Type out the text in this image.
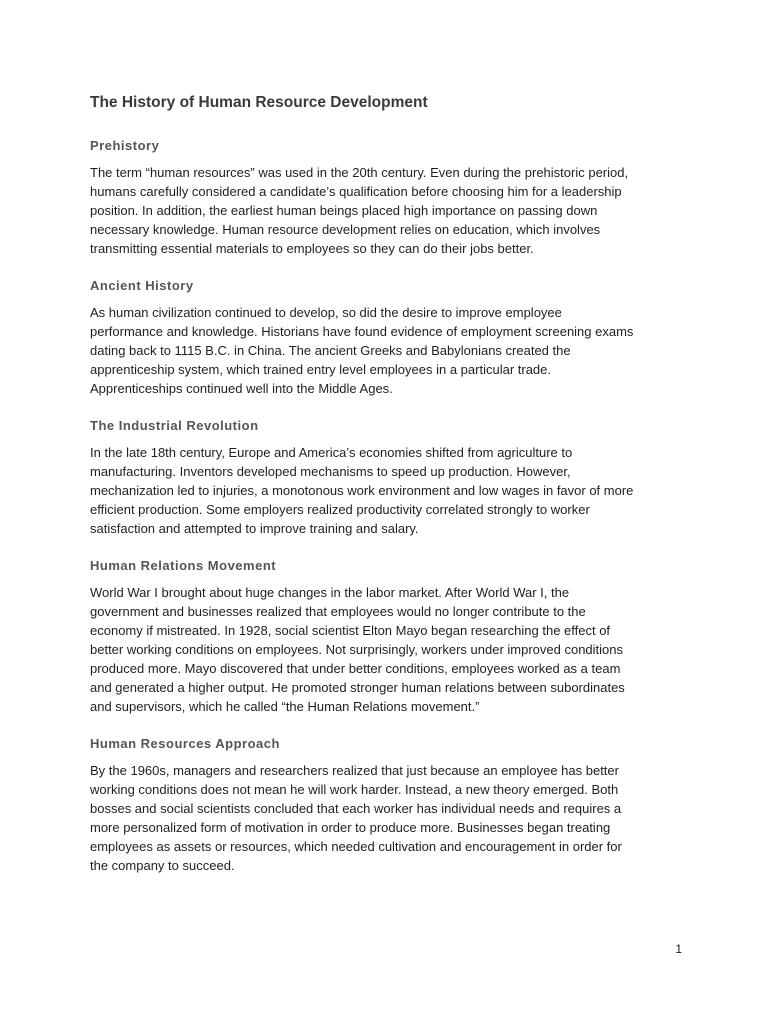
The History of Human Resource Development
Prehistory

The term “human resources” was used in the 20th century. Even during the prehistoric period,
humans carefully considered a candidate’s qualification before choosing him for a leadership
position. In addition, the earliest human beings placed high importance on passing down
necessary knowledge. Human resource development relies on education, which involves
transmitting essential materials to employees so they can do their jobs better.

Ancient History

As human civilization continued to develop, so did the desire to improve employee
performance and knowledge. Historians have found evidence of employment screening exams
dating back to 1115 B.C. in China. The ancient Greeks and Babylonians created the
apprenticeship system, which trained entry level employees in a particular trade.
Apprenticeships continued well into the Middle Ages.

The Industrial Revolution

In the late 18th century, Europe and America’s economies shifted from agriculture to
manufacturing. Inventors developed mechanisms to speed up production. However,
mechanization led to injuries, a monotonous work environment and low wages in favor of more
efficient production. Some employers realized productivity correlated strongly to worker
satisfaction and attempted to improve training and salary.

Human Relations Movement

World War I brought about huge changes in the labor market. After World War I, the
government and businesses realized that employees would no longer contribute to the
economy if mistreated. In 1928, social scientist Elton Mayo began researching the effect of
better working conditions on employees. Not surprisingly, workers under improved conditions
produced more. Mayo discovered that under better conditions, employees worked as a team
and generated a higher output. He promoted stronger human relations between subordinates
and supervisors, which he called “the Human Relations movement.”

Human Resources Approach

By the 1960s, managers and researchers realized that just because an employee has better
working conditions does not mean he will work harder. Instead, a new theory emerged. Both
bosses and social scientists concluded that each worker has individual needs and requires a
more personalized form of motivation in order to produce more. Businesses began treating
employees as assets or resources, which needed cultivation and encouragement in order for
the company to succeed.

1
